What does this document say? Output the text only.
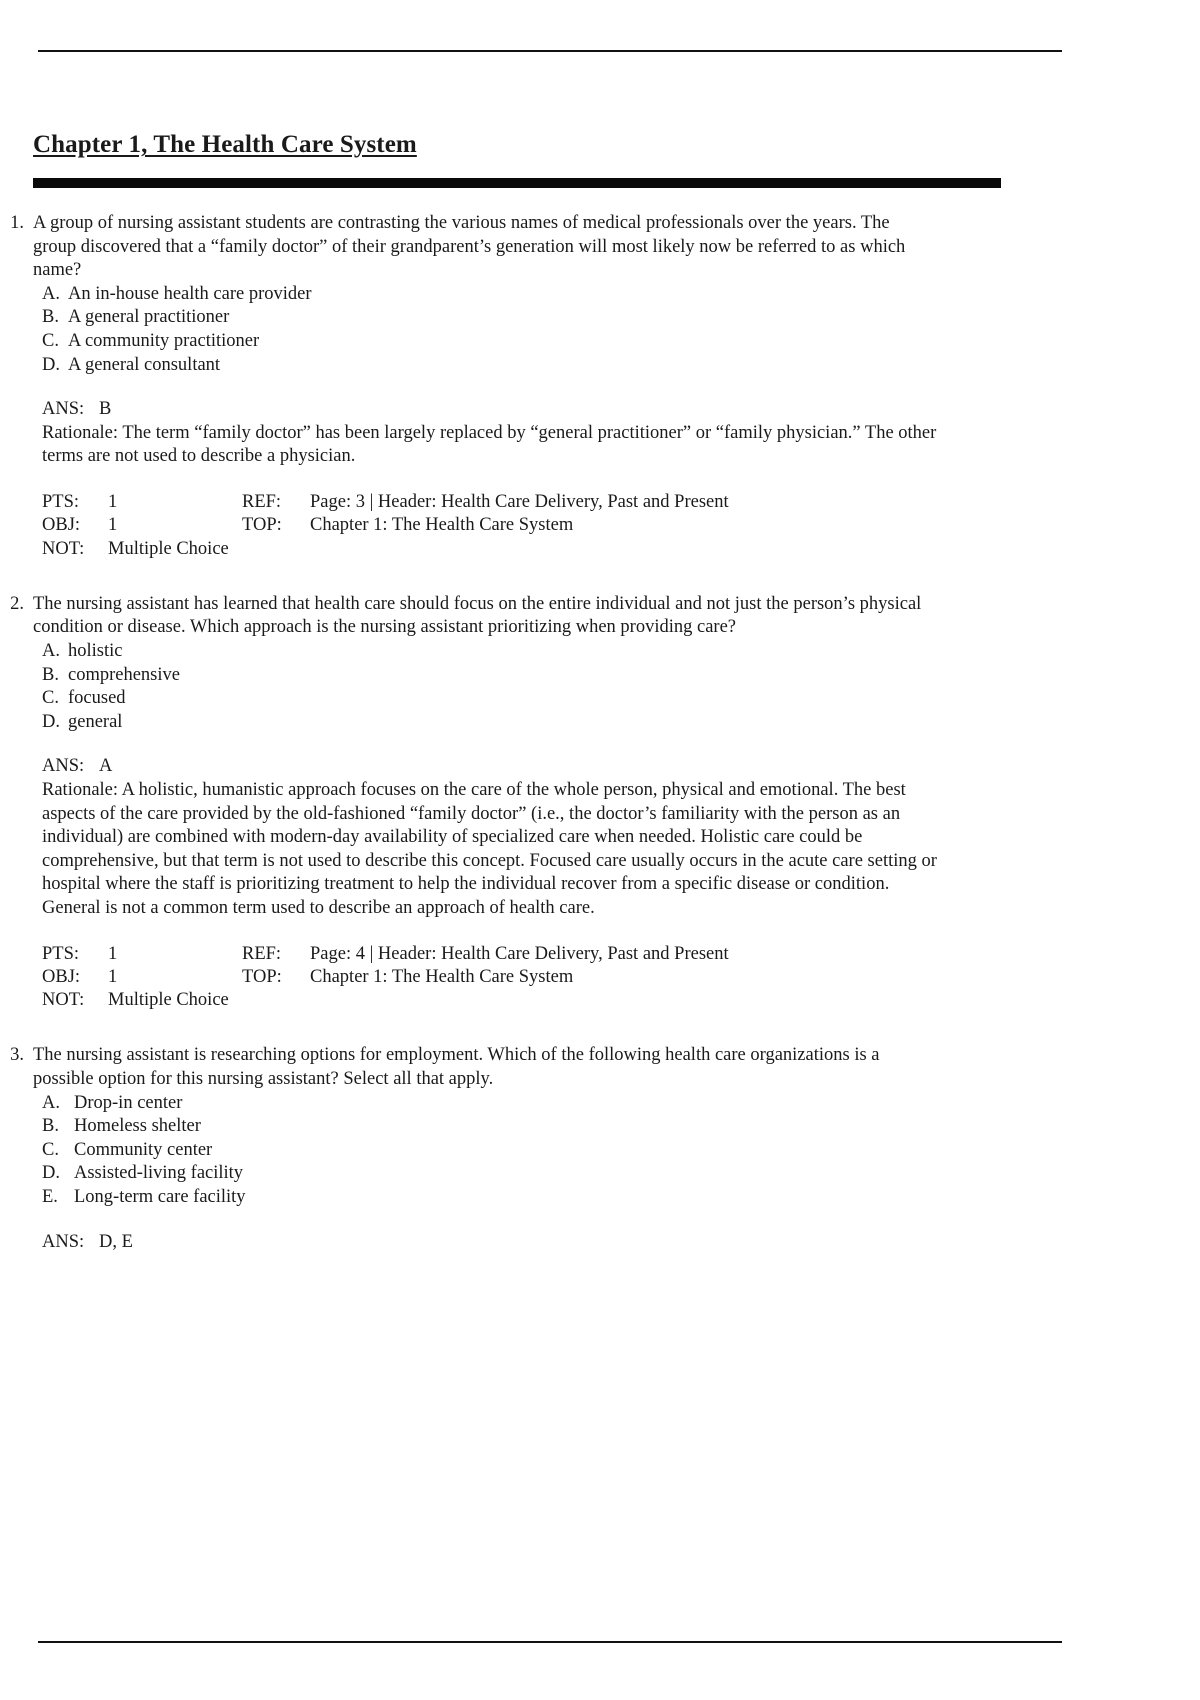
Chapter 1, The Health Care System
1. A group of nursing assistant students are contrasting the various names of medical professionals over the years. The group discovered that a “family doctor” of their grandparent’s generation will most likely now be referred to as which name?
A. An in-house health care provider
B. A general practitioner
C. A community practitioner
D. A general consultant
ANS: B
Rationale: The term “family doctor” has been largely replaced by “general practitioner” or “family physician.” The other terms are not used to describe a physician.
PTS:	1	REF:	Page: 3 | Header: Health Care Delivery, Past and Present
OBJ:	1	TOP:	Chapter 1: The Health Care System
NOT:	Multiple Choice
2. The nursing assistant has learned that health care should focus on the entire individual and not just the person’s physical condition or disease. Which approach is the nursing assistant prioritizing when providing care?
A. holistic
B. comprehensive
C. focused
D. general
ANS: A
Rationale: A holistic, humanistic approach focuses on the care of the whole person, physical and emotional. The best aspects of the care provided by the old-fashioned “family doctor” (i.e., the doctor’s familiarity with the person as an individual) are combined with modern-day availability of specialized care when needed. Holistic care could be comprehensive, but that term is not used to describe this concept. Focused care usually occurs in the acute care setting or hospital where the staff is prioritizing treatment to help the individual recover from a specific disease or condition. General is not a common term used to describe an approach of health care.
PTS:	1	REF:	Page: 4 | Header: Health Care Delivery, Past and Present
OBJ:	1	TOP:	Chapter 1: The Health Care System
NOT:	Multiple Choice
3. The nursing assistant is researching options for employment. Which of the following health care organizations is a possible option for this nursing assistant? Select all that apply.
A. Drop-in center
B. Homeless shelter
C. Community center
D. Assisted-living facility
E. Long-term care facility
ANS: D, E
